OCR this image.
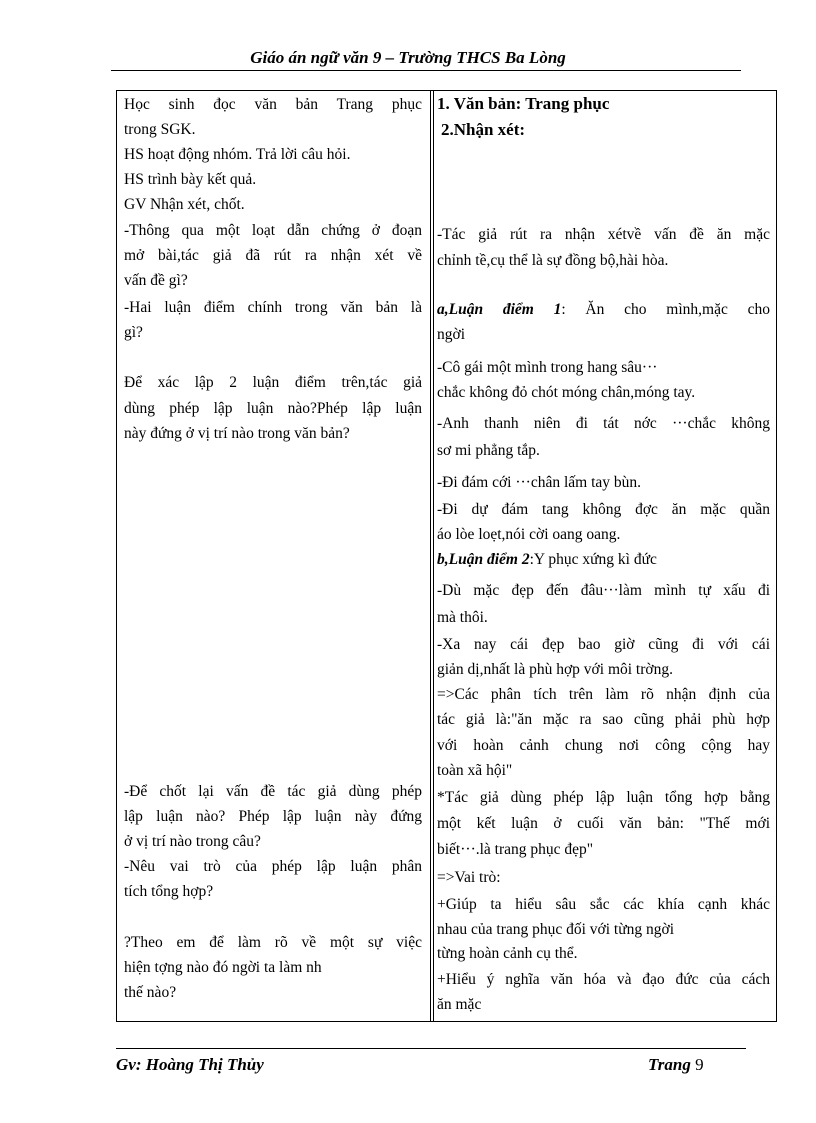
Giáo án ngữ văn 9 – Trường THCS Ba Lòng

Học sinh đọc văn bản Trang phục

trong SGK.

HS hoạt động nhóm. Trả lời câu hỏi.

HS trình bày kết quả.

GV Nhận xét, chốt.

-Thông qua một loạt dẫn chứng ở đoạn

mở bài,tác giả đã rút ra nhận xét về

vấn đề gì?

-Hai luận điểm chính trong văn bản là

gì?

Để xác lập 2 luận điểm trên,tác giả

dùng phép lập luận nào?Phép lập luận

này đứng ở vị trí nào trong văn bản?

-Để chốt lại vấn đề tác giả dùng phép

lập luận nào? Phép lập luận này đứng

ở vị trí nào trong câu?

-Nêu vai trò của phép lập luận phân

tích tổng hợp?

?Theo em để làm rõ về một sự việc

hiện tợng nào đó ngời ta làm nh

thế nào?

1. Văn bản: Trang phục

2.Nhận xét:

-Tác giả rút ra nhận xétvề vấn đề ăn mặc

chỉnh tề,cụ thể là sự đồng bộ,hài hòa.

a,Luận điểm 1: Ăn cho mình,mặc cho

ngời

-Cô gái một mình trong hang sâu···

chắc không đỏ chót móng chân,móng tay.

-Anh thanh niên đi tát nớc ···chắc không

sơ mi phẳng tắp.

-Đi đám cới ···chân lấm tay bùn.

-Đi dự đám tang không đợc ăn mặc quần

áo lòe loẹt,nói cời oang oang.

b,Luận điểm 2:Y phục xứng kì đức

-Dù mặc đẹp đến đâu···làm mình tự xấu đi

mà thôi.

-Xa nay cái đẹp bao giờ cũng đi với cái

giản dị,nhất là phù hợp với môi trờng.

=>Các phân tích trên làm rõ nhận định của

tác giả là:"ăn mặc ra sao cũng phải phù hợp

với hoàn cảnh chung nơi công cộng hay

toàn xã hội"

*Tác giả dùng phép lập luận tổng hợp bằng

một kết luận ở cuối văn bản: "Thế mới

biết···.là trang phục đẹp"

=>Vai trò:

+Giúp ta hiểu sâu sắc các khía cạnh khác

nhau của trang phục đối với từng ngời

từng hoàn cảnh cụ thể.

+Hiểu ý nghĩa văn hóa và đạo đức của cách

ăn mặc

Gv: Hoàng Thị Thủy	Trang 9
